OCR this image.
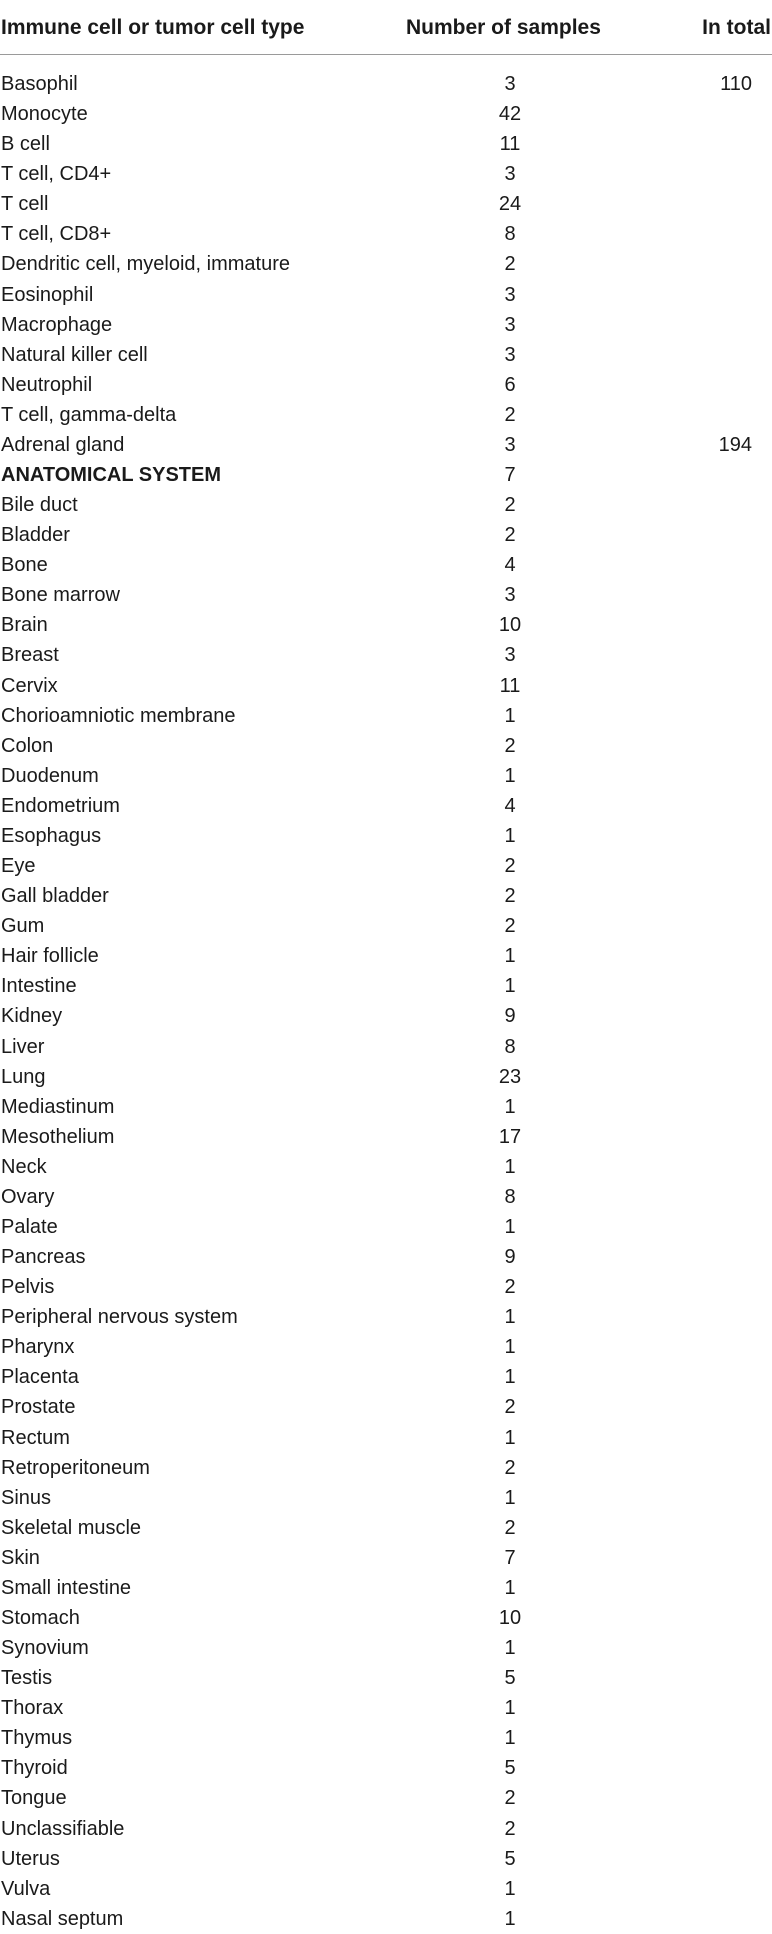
Immune cell or tumor cell type	Number of samples	In total
Basophil	3	110
Monocyte	42
B cell	11
T cell, CD4+	3
T cell	24
T cell, CD8+	8
Dendritic cell, myeloid, immature	2
Eosinophil	3
Macrophage	3
Natural killer cell	3
Neutrophil	6
T cell, gamma-delta	2
Adrenal gland	3	194
ANATOMICAL SYSTEM	7
Bile duct	2
Bladder	2
Bone	4
Bone marrow	3
Brain	10
Breast	3
Cervix	11
Chorioamniotic membrane	1
Colon	2
Duodenum	1
Endometrium	4
Esophagus	1
Eye	2
Gall bladder	2
Gum	2
Hair follicle	1
Intestine	1
Kidney	9
Liver	8
Lung	23
Mediastinum	1
Mesothelium	17
Neck	1
Ovary	8
Palate	1
Pancreas	9
Pelvis	2
Peripheral nervous system	1
Pharynx	1
Placenta	1
Prostate	2
Rectum	1
Retroperitoneum	2
Sinus	1
Skeletal muscle	2
Skin	7
Small intestine	1
Stomach	10
Synovium	1
Testis	5
Thorax	1
Thymus	1
Thyroid	5
Tongue	2
Unclassifiable	2
Uterus	5
Vulva	1
Nasal septum	1
